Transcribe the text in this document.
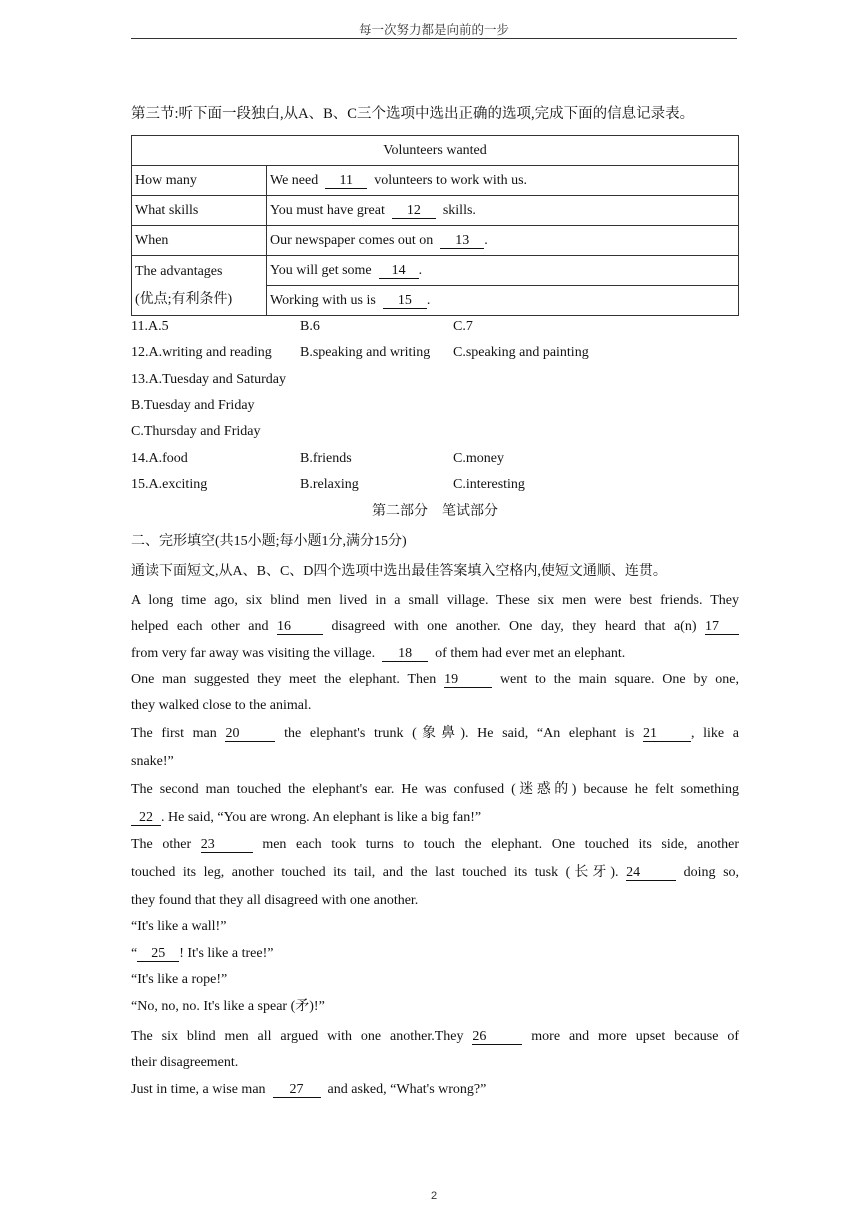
每一次努力都是向前的一步
第三节:听下面一段独白,从A、B、C三个选项中选出正确的选项,完成下面的信息记录表。
Volunteers wanted	
How many	We need 11 volunteers to work with us.
What skills	You must have great 12 skills.
When	Our newspaper comes out on 13 .
The advantages
(优点;有利条件)	You will get some 14 .
	Working with us is 15 .
11.A.5	B.6	C.7
12.A.writing and reading B.speaking and writing C.speaking and painting
13.A.Tuesday and Saturday
B.Tuesday and Friday
C.Thursday and Friday
14.A.food	B.friends	C.money
15.A.exciting	B.relaxing	C.interesting
第二部分　笔试部分
二、完形填空(共15小题;每小题1分,满分15分)
通读下面短文,从A、B、C、D四个选项中选出最佳答案填入空格内,使短文通顺、连贯。
A long time ago, six blind men lived in a small village. These six men were best friends. They
helped each other and 16	disagreed with one another. One day, they heard that a(n) 17
from very far away was visiting the village. 18 of them had ever met an elephant.
One man suggested they meet the elephant. Then 19	went to the main square. One by one,
they walked close to the animal.
The first man 20	the elephant's trunk (象鼻). He said, “An elephant is 21 , like a
snake!”
The second man touched the elephant's ear. He was confused (迷惑的) because he felt something
22 . He said, “You are wrong. An elephant is like a big fan!”
The other 23	men each took turns to touch the elephant. One touched its side, another
touched its leg, another touched its tail, and the last touched its tusk (长牙). 24	doing so,
they found that they all disagreed with one another.
“It's like a wall!”
“ 25 ! It's like a tree!”
“It's like a rope!”
“No, no, no. It's like a spear (矛)!”
The six blind men all argued with one another.They 26	more and more upset because of
their disagreement.
Just in time, a wise man 27 and asked, “What's wrong?”
2
